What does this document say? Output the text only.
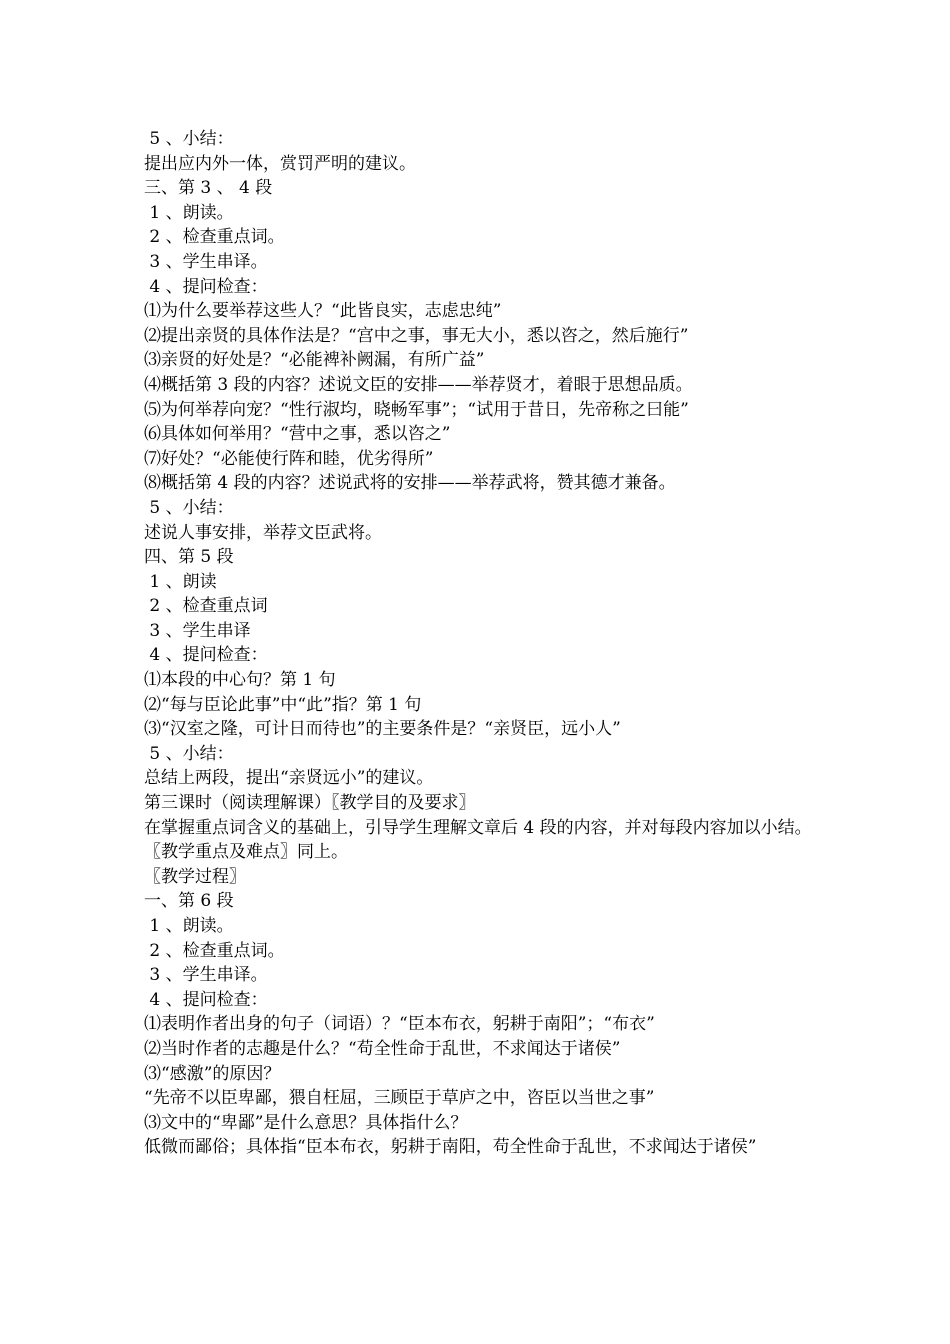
5 、小结：

提出应内外一体，赏罚严明的建议。

三、第 3 、 4 段

1 、朗读。

2 、检查重点词。

3 、学生串译。

4 、提问检查：

⑴为什么要举荐这些人？“此皆良实，志虑忠纯”

⑵提出亲贤的具体作法是？“宫中之事，事无大小，悉以咨之，然后施行”

⑶亲贤的好处是？“必能裨补阙漏，有所广益”

⑷概括第 3 段的内容？述说文臣的安排——举荐贤才，着眼于思想品质。

⑸为何举荐向宠？“性行淑均，晓畅军事”；“试用于昔日，先帝称之曰能”

⑹具体如何举用？“营中之事，悉以咨之”

⑺好处？“必能使行阵和睦，优劣得所”

⑻概括第 4 段的内容？述说武将的安排——举荐武将，赞其德才兼备。

5 、小结：

述说人事安排，举荐文臣武将。

四、第 5 段

1 、朗读

2 、检查重点词

3 、学生串译

4 、提问检查：

⑴本段的中心句？第 1 句

⑵“每与臣论此事”中“此”指？第 1 句

⑶“汉室之隆，可计日而待也”的主要条件是？“亲贤臣，远小人”

5 、小结：

总结上两段，提出“亲贤远小”的建议。

第三课时（阅读理解课）〖教学目的及要求〗

在掌握重点词含义的基础上，引导学生理解文章后 4 段的内容，并对每段内容加以小结。

〖教学重点及难点〗同上。

〖教学过程〗

一、第 6 段

1 、朗读。

2 、检查重点词。

3 、学生串译。

4 、提问检查：

⑴表明作者出身的句子（词语）？“臣本布衣，躬耕于南阳”；“布衣”

⑵当时作者的志趣是什么？“苟全性命于乱世，不求闻达于诸侯”

⑶“感激”的原因？

“先帝不以臣卑鄙，猥自枉屈，三顾臣于草庐之中，咨臣以当世之事”

⑶文中的“卑鄙”是什么意思？具体指什么？

低微而鄙俗；具体指“臣本布衣，躬耕于南阳，苟全性命于乱世，不求闻达于诸侯”
